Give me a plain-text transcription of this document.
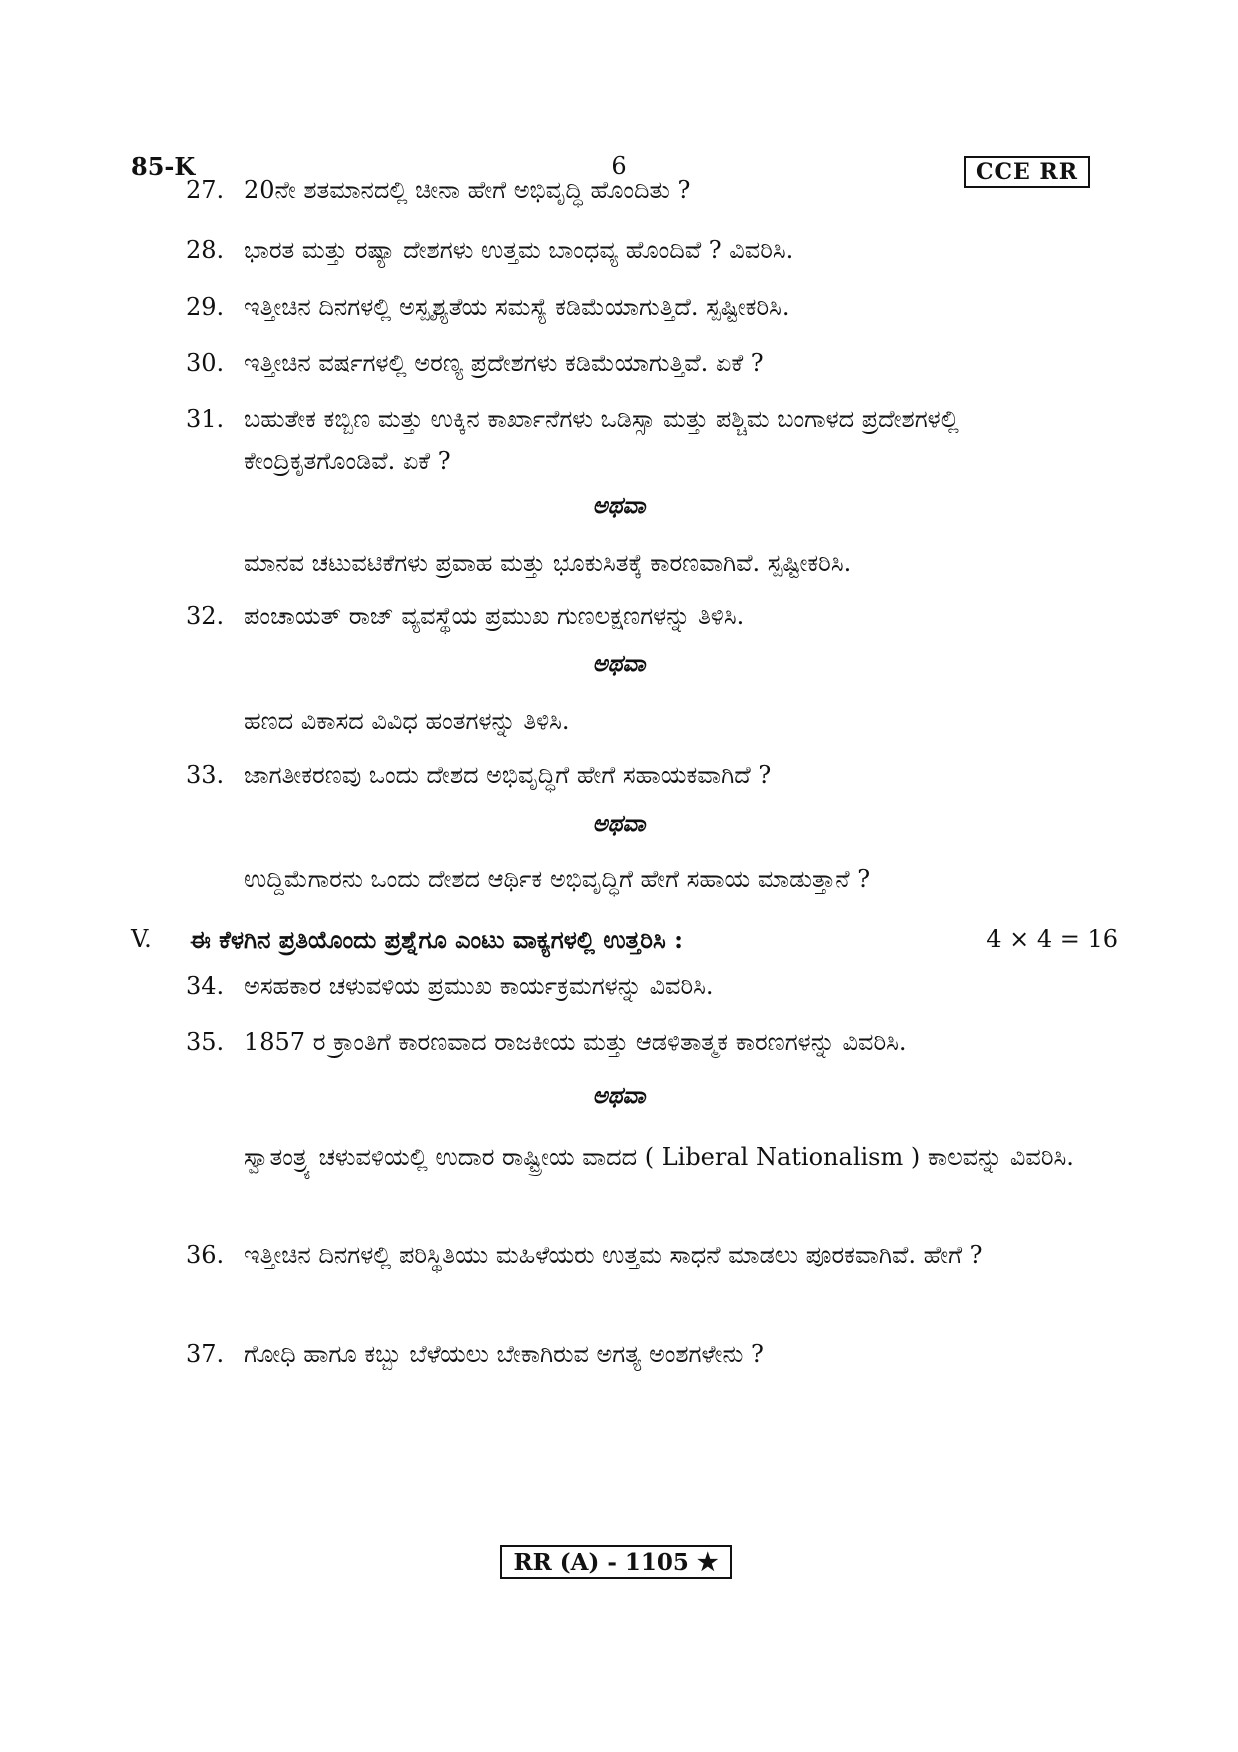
85-K	6	CCE RR
27. 20ನೇ ಶತಮಾನದಲ್ಲಿ ಚೀನಾ ಹೇಗೆ ಅಭಿವೃದ್ಧಿ ಹೊಂದಿತು ?
28. ಭಾರತ ಮತ್ತು ರಷ್ಯಾ ದೇಶಗಳು ಉತ್ತಮ ಬಾಂಧವ್ಯ ಹೊಂದಿವೆ ? ವಿವರಿಸಿ.
29. ಇತ್ತೀಚಿನ ದಿನಗಳಲ್ಲಿ ಅಸ್ಪೃಶ್ಯತೆಯ ಸಮಸ್ಯೆ ಕಡಿಮೆಯಾಗುತ್ತಿದೆ. ಸ್ಪಷ್ಟೀಕರಿಸಿ.
30. ಇತ್ತೀಚಿನ ವರ್ಷಗಳಲ್ಲಿ ಅರಣ್ಯ ಪ್ರದೇಶಗಳು ಕಡಿಮೆಯಾಗುತ್ತಿವೆ. ಏಕೆ ?
31. ಬಹುತೇಕ ಕಬ್ಬಿಣ ಮತ್ತು ಉಕ್ಕಿನ ಕಾರ್ಖಾನೆಗಳು ಒಡಿಸ್ಸಾ ಮತ್ತು ಪಶ್ಚಿಮ ಬಂಗಾಳದ ಪ್ರದೇಶಗಳಲ್ಲಿ ಕೇಂದ್ರಿಕೃತಗೊಂಡಿವೆ. ಏಕೆ ?
ಅಥವಾ
ಮಾನವ ಚಟುವಟಿಕೆಗಳು ಪ್ರವಾಹ ಮತ್ತು ಭೂಕುಸಿತಕ್ಕೆ ಕಾರಣವಾಗಿವೆ. ಸ್ಪಷ್ಟೀಕರಿಸಿ.
32. ಪಂಚಾಯತ್ ರಾಜ್ ವ್ಯವಸ್ಥೆಯ ಪ್ರಮುಖ ಗುಣಲಕ್ಷಣಗಳನ್ನು ತಿಳಿಸಿ.
ಅಥವಾ
ಹಣದ ವಿಕಾಸದ ವಿವಿಧ ಹಂತಗಳನ್ನು ತಿಳಿಸಿ.
33. ಜಾಗತೀಕರಣವು ಒಂದು ದೇಶದ ಅಭಿವೃದ್ಧಿಗೆ ಹೇಗೆ ಸಹಾಯಕವಾಗಿದೆ ?
ಅಥವಾ
ಉದ್ದಿಮೆಗಾರನು ಒಂದು ದೇಶದ ಆರ್ಥಿಕ ಅಭಿವೃದ್ಧಿಗೆ ಹೇಗೆ ಸಹಾಯ ಮಾಡುತ್ತಾನೆ ?
V. ಈ ಕೆಳಗಿನ ಪ್ರತಿಯೊಂದು ಪ್ರಶ್ನೆಗೂ ಎಂಟು ವಾಕ್ಯಗಳಲ್ಲಿ ಉತ್ತರಿಸಿ :	4 × 4 = 16
34. ಅಸಹಕಾರ ಚಳುವಳಿಯ ಪ್ರಮುಖ ಕಾರ್ಯಕ್ರಮಗಳನ್ನು ವಿವರಿಸಿ.
35. 1857 ರ ಕ್ರಾಂತಿಗೆ ಕಾರಣವಾದ ರಾಜಕೀಯ ಮತ್ತು ಆಡಳಿತಾತ್ಮಕ ಕಾರಣಗಳನ್ನು ವಿವರಿಸಿ.
ಅಥವಾ
ಸ್ವಾತಂತ್ರ್ಯ ಚಳುವಳಿಯಲ್ಲಿ ಉದಾರ ರಾಷ್ಟ್ರೀಯ ವಾದದ ( Liberal Nationalism ) ಕಾಲವನ್ನು ವಿವರಿಸಿ.
36. ಇತ್ತೀಚಿನ ದಿನಗಳಲ್ಲಿ ಪರಿಸ್ಥಿತಿಯು ಮಹಿಳೆಯರು ಉತ್ತಮ ಸಾಧನೆ ಮಾಡಲು ಪೂರಕವಾಗಿವೆ. ಹೇಗೆ ?
37. ಗೋಧಿ ಹಾಗೂ ಕಬ್ಬು ಬೆಳೆಯಲು ಬೇಕಾಗಿರುವ ಅಗತ್ಯ ಅಂಶಗಳೇನು ?
RR (A) - 1105 ★
